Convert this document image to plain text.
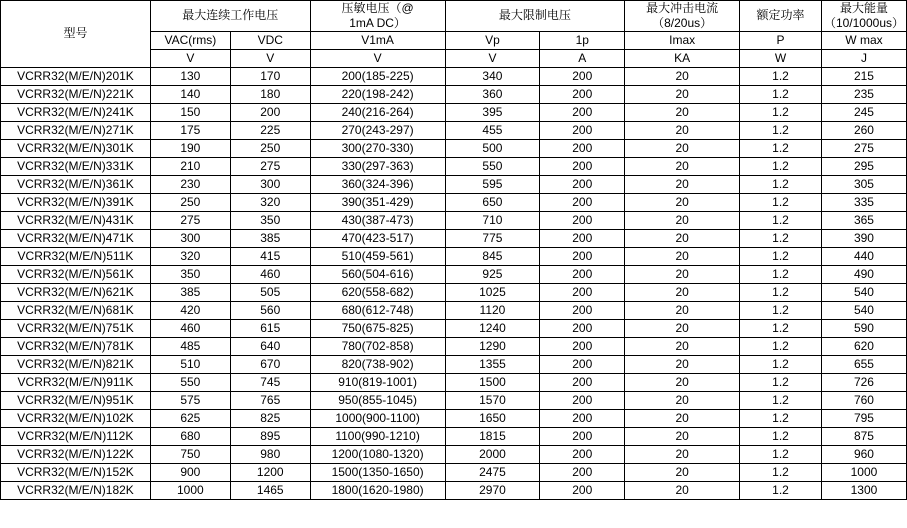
型号	最大连续工作电压		压敏电压（@
1mA DC）	最大限制电压		最大冲击电流
（8/20us）	额定功率	最大能量
（10/1000us）

	VAC(rms)	VDC	V1mA	Vp	1p	Imax	P	W max
	V	V	V	V	A	KA	W	J
VCRR32(M/E/N)201K	130	170	200(185-225)	340	200	20	1.2	215
VCRR32(M/E/N)221K	140	180	220(198-242)	360	200	20	1.2	235
VCRR32(M/E/N)241K	150	200	240(216-264)	395	200	20	1.2	245
VCRR32(M/E/N)271K	175	225	270(243-297)	455	200	20	1.2	260
VCRR32(M/E/N)301K	190	250	300(270-330)	500	200	20	1.2	275
VCRR32(M/E/N)331K	210	275	330(297-363)	550	200	20	1.2	295
VCRR32(M/E/N)361K	230	300	360(324-396)	595	200	20	1.2	305
VCRR32(M/E/N)391K	250	320	390(351-429)	650	200	20	1.2	335
VCRR32(M/E/N)431K	275	350	430(387-473)	710	200	20	1.2	365
VCRR32(M/E/N)471K	300	385	470(423-517)	775	200	20	1.2	390
VCRR32(M/E/N)511K	320	415	510(459-561)	845	200	20	1.2	440
VCRR32(M/E/N)561K	350	460	560(504-616)	925	200	20	1.2	490
VCRR32(M/E/N)621K	385	505	620(558-682)	1025	200	20	1.2	540
VCRR32(M/E/N)681K	420	560	680(612-748)	1120	200	20	1.2	540
VCRR32(M/E/N)751K	460	615	750(675-825)	1240	200	20	1.2	590
VCRR32(M/E/N)781K	485	640	780(702-858)	1290	200	20	1.2	620
VCRR32(M/E/N)821K	510	670	820(738-902)	1355	200	20	1.2	655
VCRR32(M/E/N)911K	550	745	910(819-1001)	1500	200	20	1.2	726
VCRR32(M/E/N)951K	575	765	950(855-1045)	1570	200	20	1.2	760
VCRR32(M/E/N)102K	625	825	1000(900-1100)	1650	200	20	1.2	795
VCRR32(M/E/N)112K	680	895	1100(990-1210)	1815	200	20	1.2	875
VCRR32(M/E/N)122K	750	980	1200(1080-1320)	2000	200	20	1.2	960
VCRR32(M/E/N)152K	900	1200	1500(1350-1650)	2475	200	20	1.2	1000
VCRR32(M/E/N)182K	1000	1465	1800(1620-1980)	2970	200	20	1.2	1300
